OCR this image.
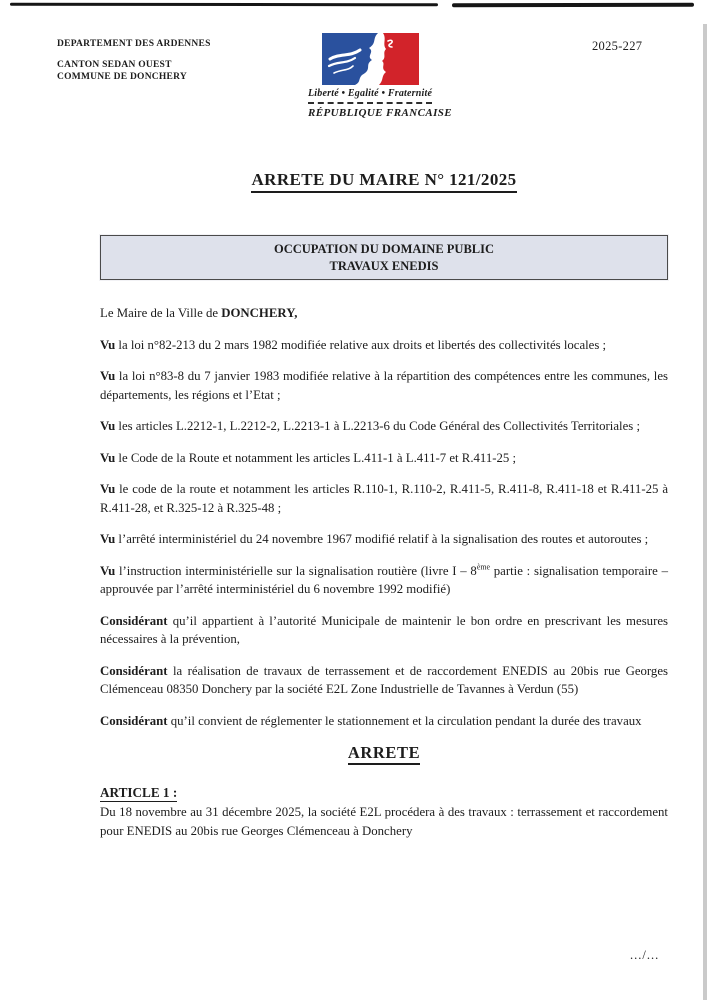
DEPARTEMENT DES ARDENNES
CANTON SEDAN OUEST
COMMUNE DE DONCHERY
2025-227
Liberté • Egalité • Fraternité
RÉPUBLIQUE FRANCAISE
ARRETE DU MAIRE N° 121/2025
OCCUPATION DU DOMAINE PUBLIC
TRAVAUX ENEDIS

Le Maire de la Ville de DONCHERY,

Vu la loi n°82-213 du 2 mars 1982 modifiée relative aux droits et libertés des collectivités locales ;

Vu la loi n°83-8 du 7 janvier 1983 modifiée relative à la répartition des compétences entre les communes, les départements, les régions et l’Etat ;

Vu les articles L.2212-1, L.2212-2, L.2213-1 à L.2213-6 du Code Général des Collectivités Territoriales ;

Vu le Code de la Route et notamment les articles L.411-1 à L.411-7 et R.411-25 ;

Vu le code de la route et notamment les articles R.110-1, R.110-2, R.411-5, R.411-8, R.411-18 et R.411-25 à R.411-28, et R.325-12 à R.325-48 ;

Vu l’arrêté interministériel du 24 novembre 1967 modifié relatif à la signalisation des routes et autoroutes ;

Vu l’instruction interministérielle sur la signalisation routière (livre I – 8ème partie : signalisation temporaire – approuvée par l’arrêté interministériel du 6 novembre 1992 modifié)

Considérant qu’il appartient à l’autorité Municipale de maintenir le bon ordre en prescrivant les mesures nécessaires à la prévention,

Considérant la réalisation de travaux de terrassement et de raccordement ENEDIS au 20bis rue Georges Clémenceau 08350 Donchery par la société E2L Zone Industrielle de Tavannes à Verdun (55)

Considérant qu’il convient de réglementer le stationnement et la circulation pendant la durée des travaux

ARRETE
ARTICLE 1 :

Du 18 novembre au 31 décembre 2025, la société E2L procédera à des travaux : terrassement et raccordement pour ENEDIS au 20bis rue Georges Clémenceau à Donchery

.../...
